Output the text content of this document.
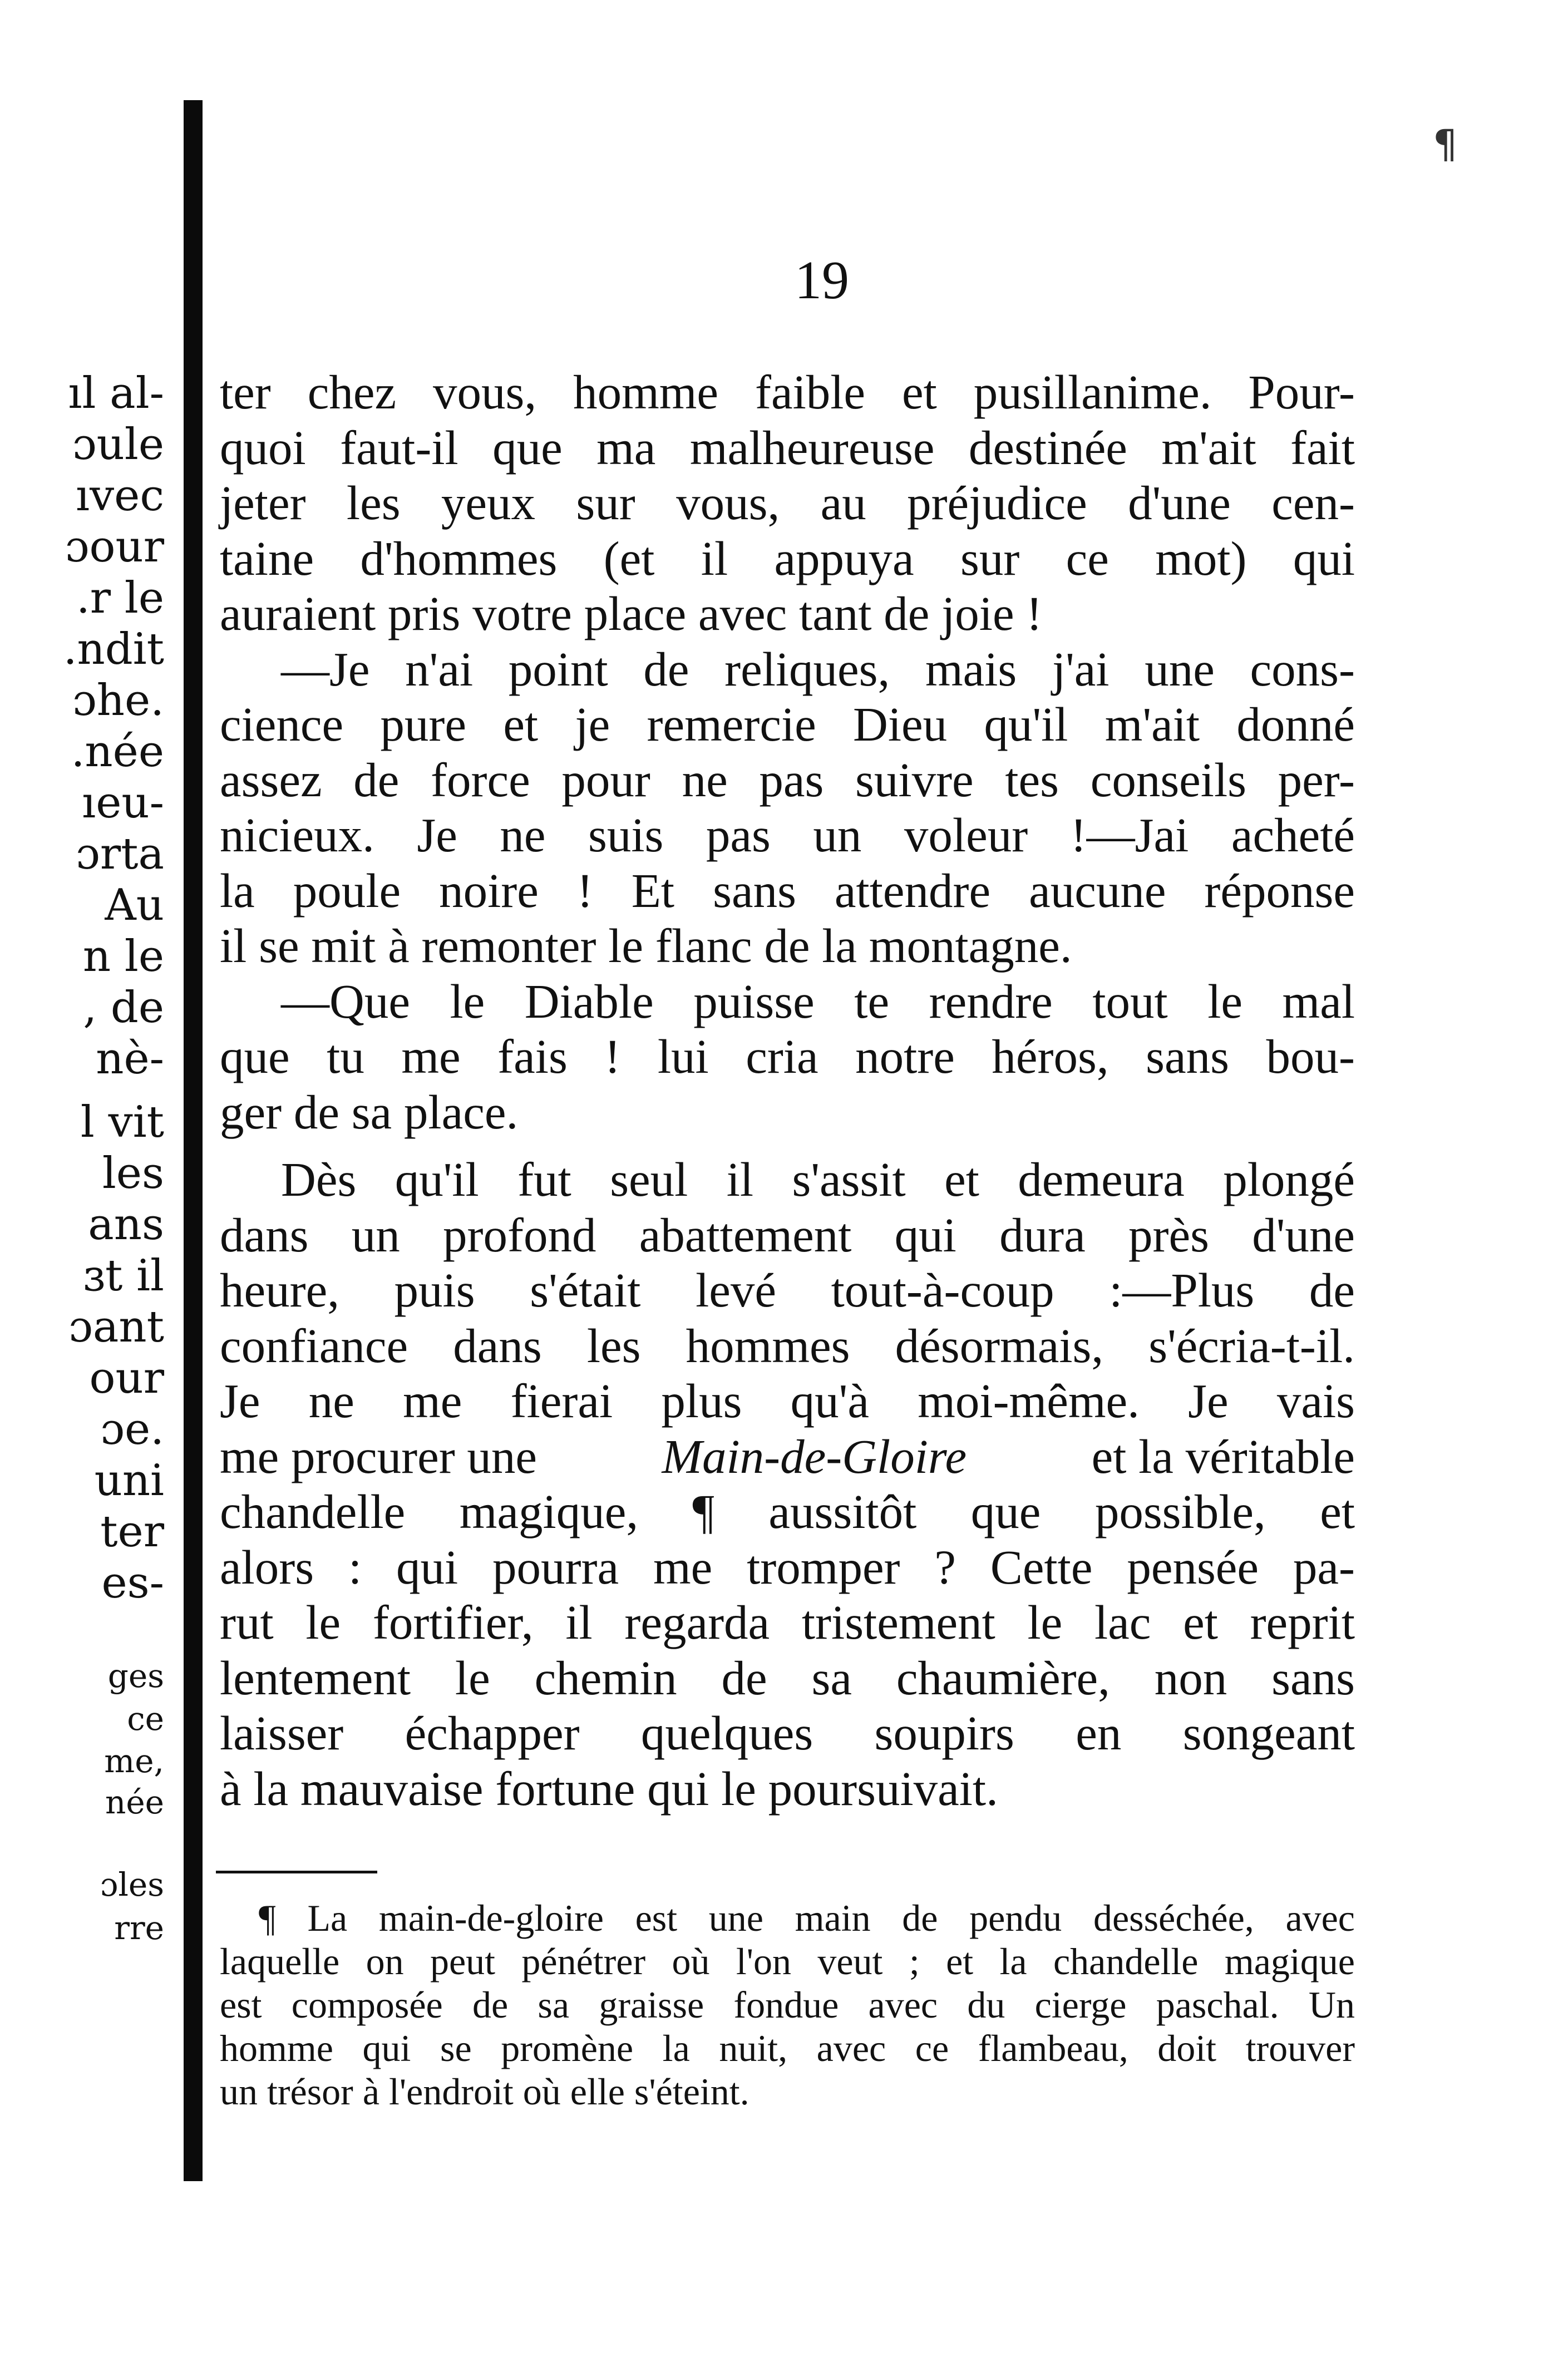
¶
ıl al-
ɔule
ıvec
ɔour
.r le
.ndit
ɔhe.
.née
ıeu-
ɔrta
Au
n le
, de
nè-
l vit
les
ans
ɜt il
ɔant
our
ɔe.
uni
ter
es-
ges
ce
me,
née
ɔles
rre
19
ter chez vous, homme faible et pusillanime. Pour-
quoi faut-il que ma malheureuse destinée m'ait fait
jeter les yeux sur vous, au préjudice d'une cen-
taine d'hommes (et il appuya sur ce mot) qui
auraient pris votre place avec tant de joie !
—Je n'ai point de reliques, mais j'ai une cons-
cience pure et je remercie Dieu qu'il m'ait donné
assez de force pour ne pas suivre tes conseils per-
nicieux. Je ne suis pas un voleur !—Jai acheté
la poule noire ! Et sans attendre aucune réponse
il se mit à remonter le flanc de la montagne.
—Que le Diable puisse te rendre tout le mal
que tu me fais ! lui cria notre héros, sans bou-
ger de sa place.
Dès qu'il fut seul il s'assit et demeura plongé
dans un profond abattement qui dura près d'une
heure, puis s'était levé tout-à-coup :—Plus de
confiance dans les hommes désormais, s'écria-t-il.
Je ne me fierai plus qu'à moi-même. Je vais
me procurer une	Main-de-Gloire	et la véritable
chandelle magique, ¶ aussitôt que possible, et
alors : qui pourra me tromper ? Cette pensée pa-
rut le fortifier, il regarda tristement le lac et reprit
lentement le chemin de sa chaumière, non sans
laisser échapper quelques soupirs en songeant
à la mauvaise fortune qui le poursuivait.
¶ La main-de-gloire est une main de pendu desséchée, avec
laquelle on peut pénétrer où l'on veut ; et la chandelle magique
est composée de sa graisse fondue avec du cierge paschal. Un
homme qui se promène la nuit, avec ce flambeau, doit trouver
un trésor à l'endroit où elle s'éteint.
